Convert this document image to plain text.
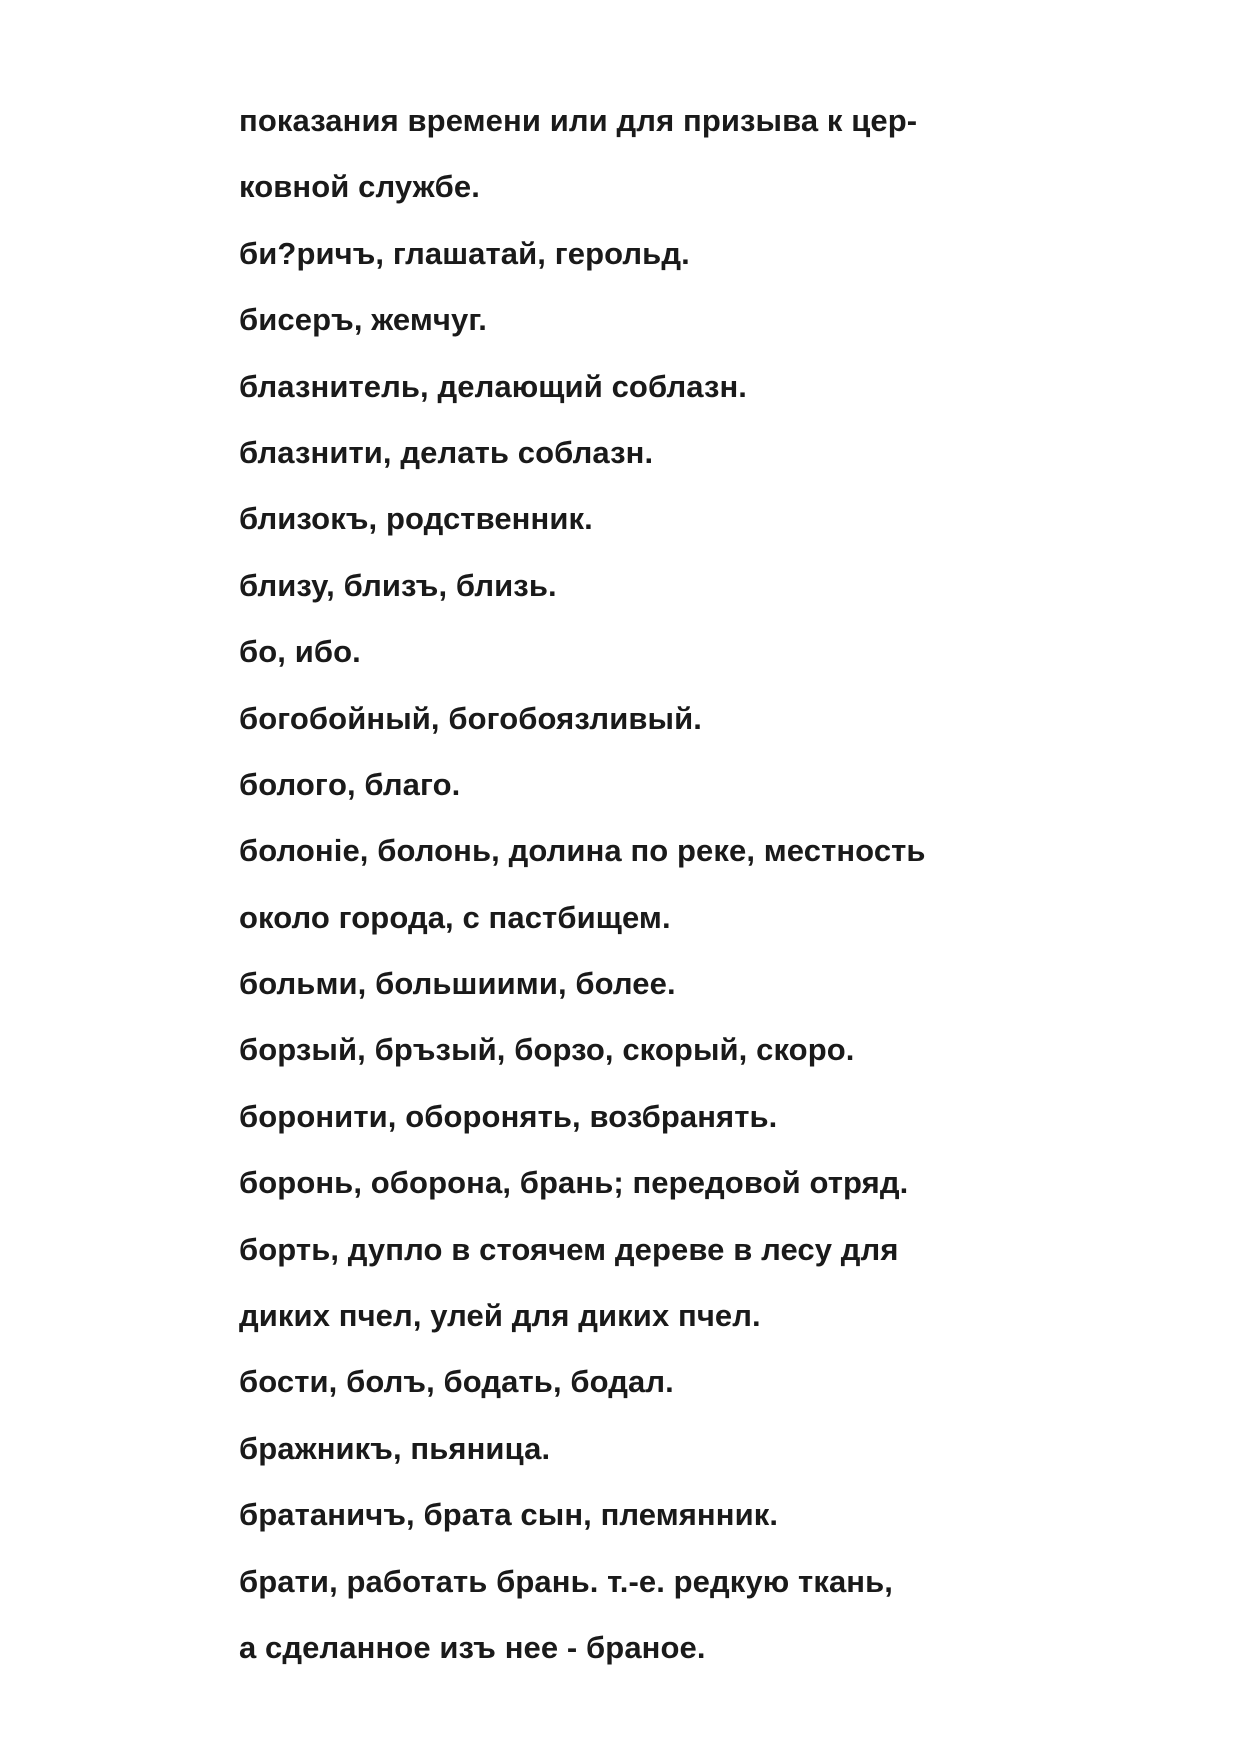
показания времени или для призыва к цер-
ковной службе.
би?ричъ, глашатай, герольд.
бисеръ, жемчуг.
блазнитель, делающий соблазн.
блазнити, делать соблазн.
близокъ, родственник.
близу, близъ, близь.
бо, ибо.
богобойный, богобоязливый.
бологo, благо.
болоніе, болонь, долина по реке, местность
около города, с пастбищем.
больми, большиими, более.
борзый, бръзый, борзо, скорый, скоро.
боронити, оборонять, возбранять.
боронь, оборона, брань; передовой отряд.
борть, дупло в стоячем дереве в лесу для
диких пчел, улей для диких пчел.
бости, болъ, бодать, бодал.
бражникъ, пьяница.
братаничъ, брата сын, племянник.
брати, работать брань. т.-е. редкую ткань,
а сделанное изъ нее - браное.
